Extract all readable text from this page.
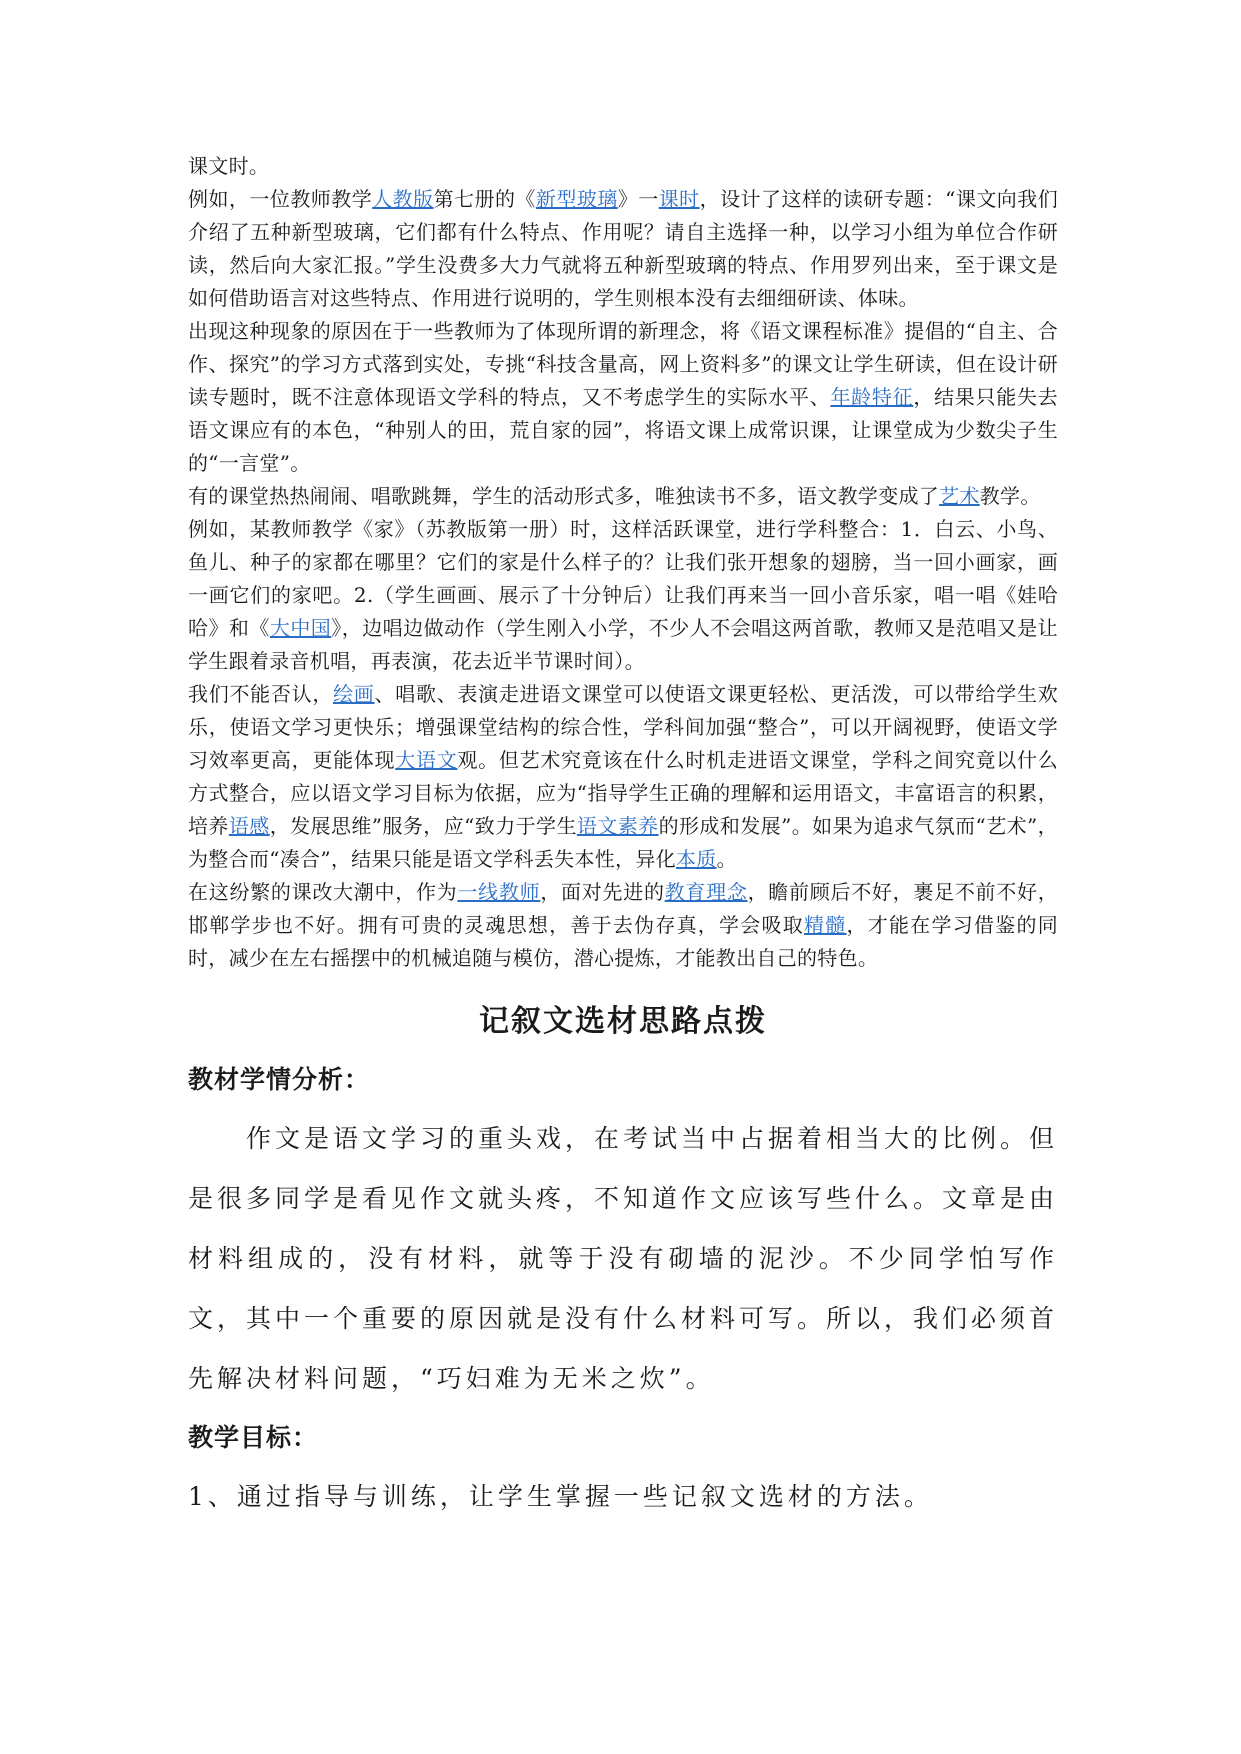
课文时。

例如，一位教师教学人教版第七册的《新型玻璃》一课时，设计了这样的读研专题：“课文向我们介绍了五种新型玻璃，它们都有什么特点、作用呢？请自主选择一种，以学习小组为单位合作研读，然后向大家汇报。”学生没费多大力气就将五种新型玻璃的特点、作用罗列出来，至于课文是如何借助语言对这些特点、作用进行说明的，学生则根本没有去细细研读、体味。

出现这种现象的原因在于一些教师为了体现所谓的新理念，将《语文课程标准》提倡的“自主、合作、探究”的学习方式落到实处，专挑“科技含量高，网上资料多”的课文让学生研读，但在设计研读专题时，既不注意体现语文学科的特点，又不考虑学生的实际水平、年龄特征，结果只能失去语文课应有的本色，“种别人的田，荒自家的园”，将语文课上成常识课，让课堂成为少数尖子生的“一言堂”。

有的课堂热热闹闹、唱歌跳舞，学生的活动形式多，唯独读书不多，语文教学变成了艺术教学。

例如，某教师教学《家》（苏教版第一册）时，这样活跃课堂，进行学科整合：1．白云、小鸟、鱼儿、种子的家都在哪里？它们的家是什么样子的？让我们张开想象的翅膀，当一回小画家，画一画它们的家吧。2.（学生画画、展示了十分钟后）让我们再来当一回小音乐家，唱一唱《娃哈哈》和《大中国》，边唱边做动作（学生刚入小学，不少人不会唱这两首歌，教师又是范唱又是让学生跟着录音机唱，再表演，花去近半节课时间）。

我们不能否认，绘画、唱歌、表演走进语文课堂可以使语文课更轻松、更活泼，可以带给学生欢乐，使语文学习更快乐；增强课堂结构的综合性，学科间加强“整合”，可以开阔视野，使语文学习效率更高，更能体现大语文观。但艺术究竟该在什么时机走进语文课堂，学科之间究竟以什么方式整合，应以语文学习目标为依据，应为“指导学生正确的理解和运用语文，丰富语言的积累，培养语感，发展思维”服务，应“致力于学生语文素养的形成和发展”。如果为追求气氛而“艺术”，为整合而“凑合”，结果只能是语文学科丢失本性，异化本质。

在这纷繁的课改大潮中，作为一线教师，面对先进的教育理念，瞻前顾后不好，裹足不前不好，邯郸学步也不好。拥有可贵的灵魂思想，善于去伪存真，学会吸取精髓，才能在学习借鉴的同时，减少在左右摇摆中的机械追随与模仿，潜心提炼，才能教出自己的特色。

记叙文选材思路点拨
教材学情分析：

作文是语文学习的重头戏，在考试当中占据着相当大的比例。但是很多同学是看见作文就头疼，不知道作文应该写些什么。文章是由材料组成的，没有材料，就等于没有砌墙的泥沙。不少同学怕写作文，其中一个重要的原因就是没有什么材料可写。所以，我们必须首先解决材料问题，“巧妇难为无米之炊”。

教学目标：

1、通过指导与训练，让学生掌握一些记叙文选材的方法。
